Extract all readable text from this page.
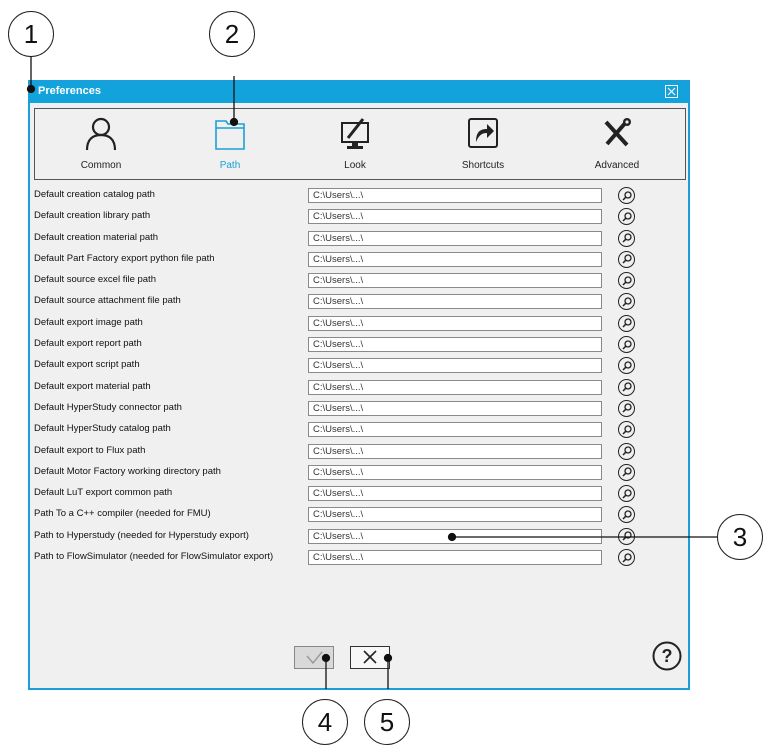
1	2
3
4	5
Preferences
Common	Path	Look	Shortcuts	Advanced
Default creation catalog path
C:\Users\...\
Default creation library path
C:\Users\...\
Default creation material path
C:\Users\...\
Default Part Factory export python file path
C:\Users\...\
Default source excel file path
C:\Users\...\
Default source attachment file path
C:\Users\...\
Default export image path
C:\Users\...\
Default export report path
C:\Users\...\
Default export script path
C:\Users\...\
Default export material path
C:\Users\...\
Default HyperStudy connector path
C:\Users\...\
Default HyperStudy catalog path
C:\Users\...\
Default export to Flux path
C:\Users\...\
Default Motor Factory working directory path
C:\Users\...\
Default LuT export common path
C:\Users\...\
Path To a C++ compiler (needed for FMU)
C:\Users\...\
Path to Hyperstudy (needed for Hyperstudy export)
C:\Users\...\
Path to FlowSimulator (needed for FlowSimulator export)
C:\Users\...\
?
